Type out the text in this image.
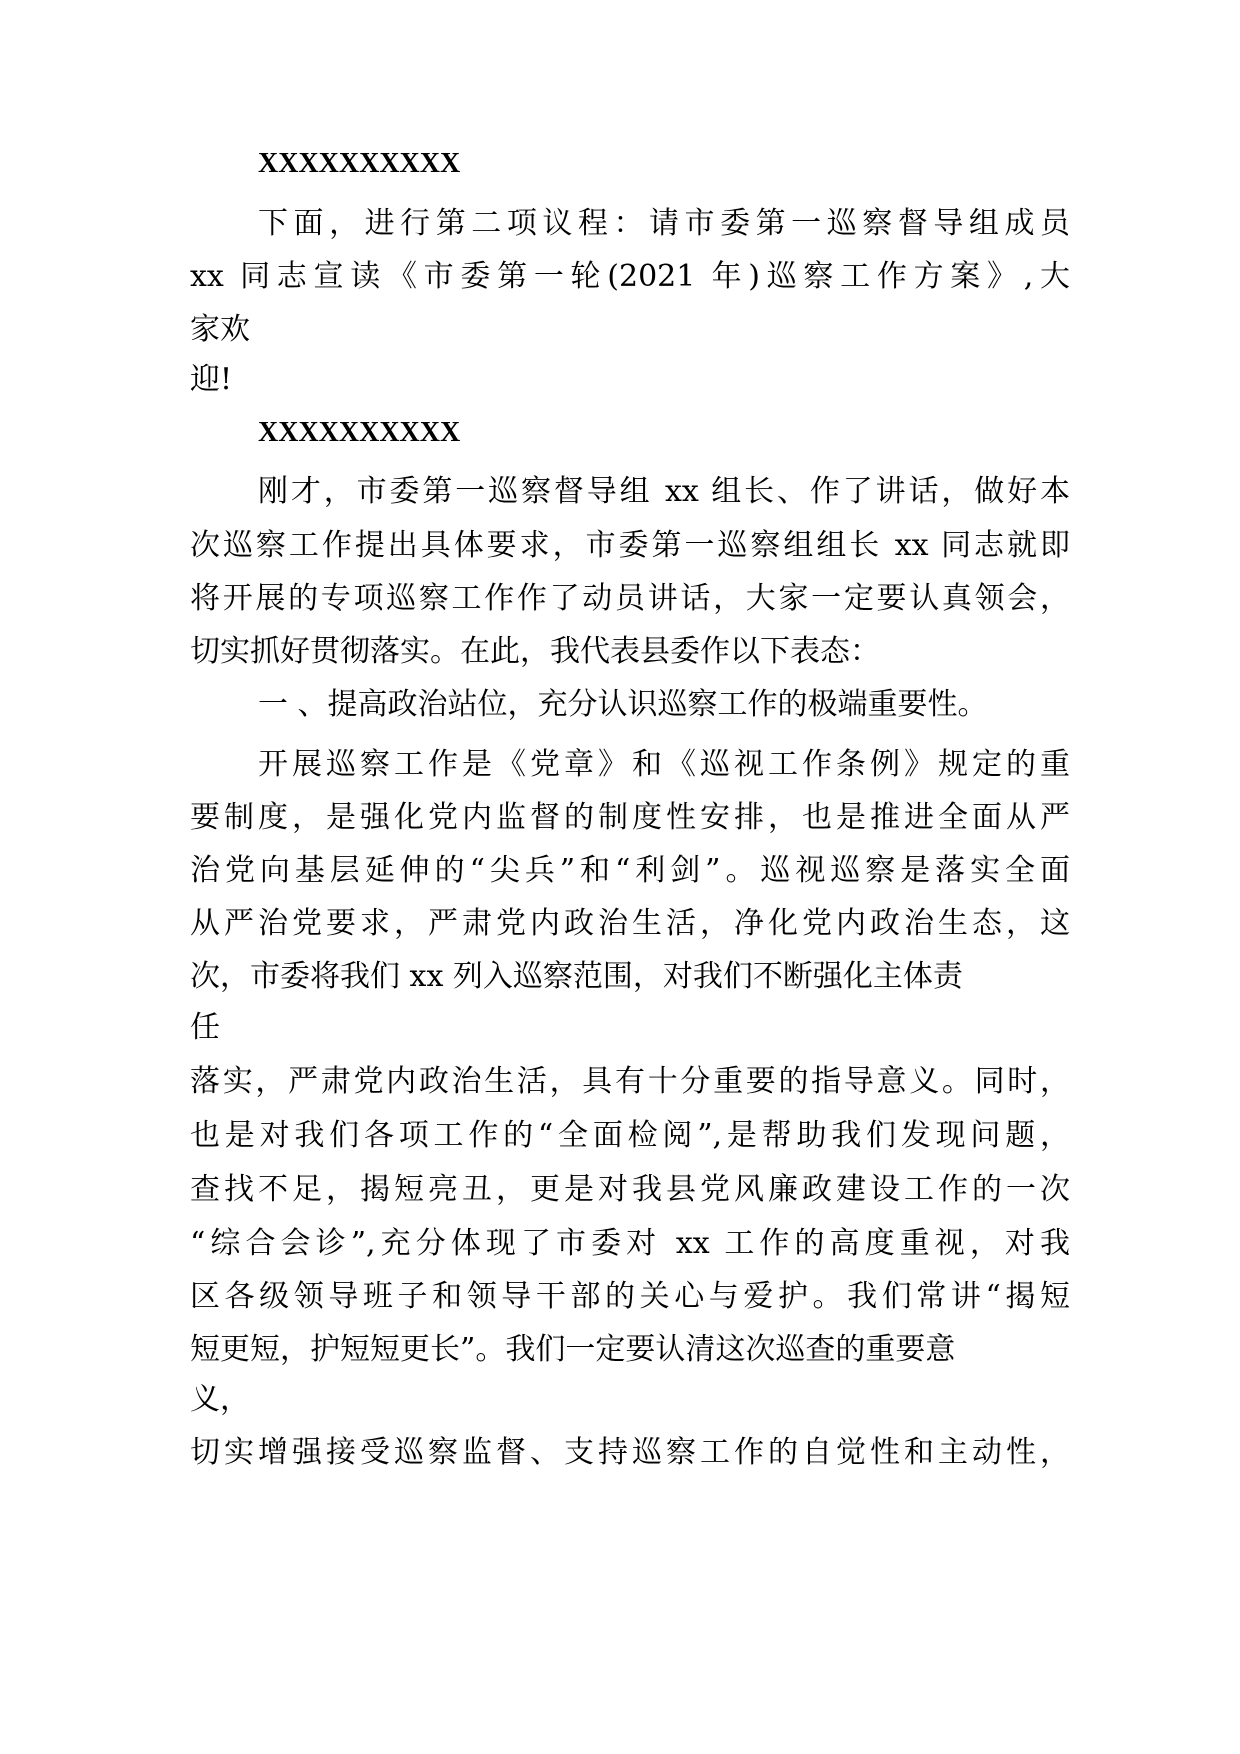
XXXXXXXXXX
下面，进行第二项议程：请市委第一巡察督导组成员
xx 同志宣读《市委第一轮(2021 年)巡察工作方案》,大
家欢
迎!
XXXXXXXXXX
刚才，市委第一巡察督导组 xx 组长、作了讲话，做好本
次巡察工作提出具体要求，市委第一巡察组组长 xx 同志就即
将开展的专项巡察工作作了动员讲话，大家一定要认真领会，
切实抓好贯彻落实。在此，我代表县委作以下表态：
一 、提高政治站位，充分认识巡察工作的极端重要性。
开展巡察工作是《党章》和《巡视工作条例》规定的重
要制度，是强化党内监督的制度性安排，也是推进全面从严
治党向基层延伸的“尖兵”和“利剑”。巡视巡察是落实全面
从严治党要求，严肃党内政治生活，净化党内政治生态，这
次，市委将我们 xx 列入巡察范围，对我们不断强化主体责
任
落实，严肃党内政治生活，具有十分重要的指导意义。同时，
也是对我们各项工作的“全面检阅”,是帮助我们发现问题，
查找不足，揭短亮丑，更是对我县党风廉政建设工作的一次
“综合会诊”,充分体现了市委对 xx 工作的高度重视，对我
区各级领导班子和领导干部的关心与爱护。我们常讲“揭短
短更短，护短短更长”。我们一定要认清这次巡查的重要意
义，
切实增强接受巡察监督、支持巡察工作的自觉性和主动性，
